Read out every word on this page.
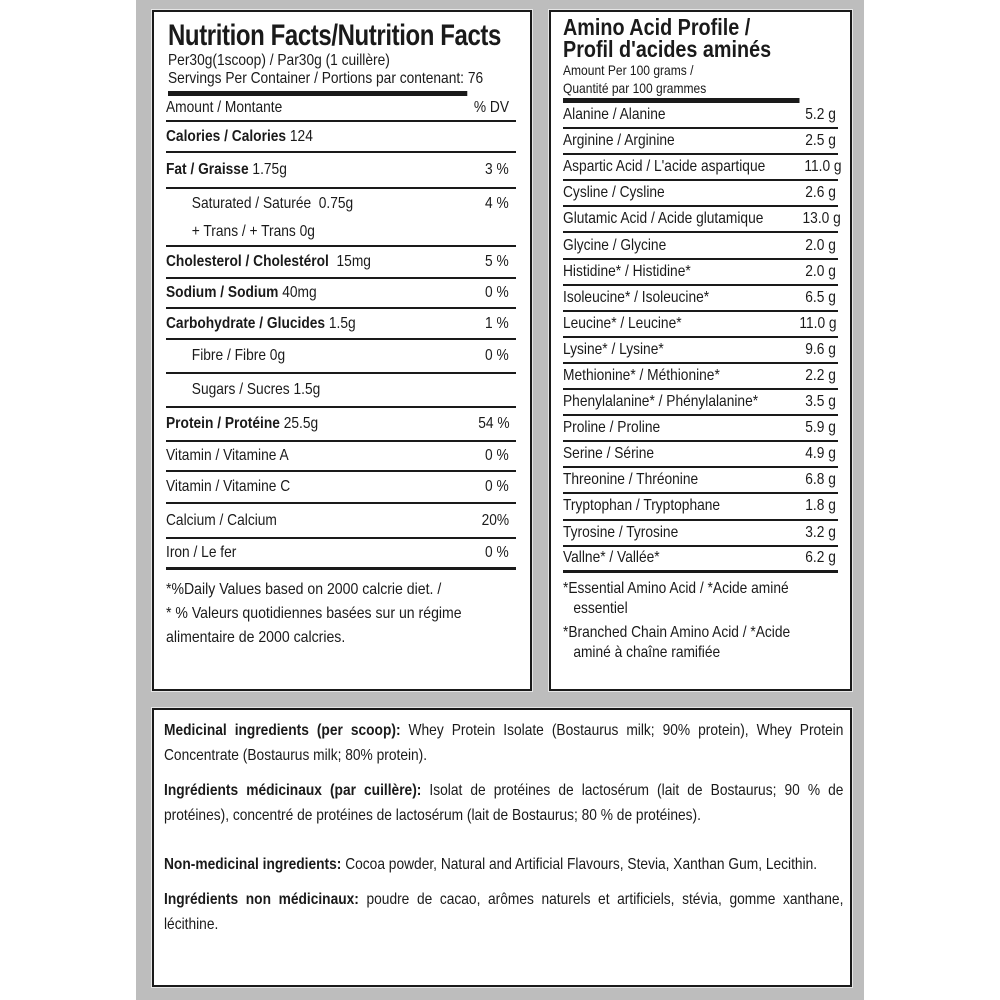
Nutrition Facts/Nutrition Facts
Per30g(1scoop) / Par30g (1 cuillère)
Servings Per Container / Portions par contenant: 76
Amount / Montante	% DV
Calories / Calories 124
Fat / Graisse 1.75g	3 %
Saturated / Saturée  0.75g	4 %
+ Trans / + Trans 0g
Cholesterol / Cholestérol  15mg	5 %
Sodium / Sodium 40mg	0 %
Carbohydrate / Glucides 1.5g	1 %
Fibre / Fibre 0g	0 %
Sugars / Sucres 1.5g
Protein / Protéine 25.5g	54 %
Vitamin / Vitamine A	0 %
Vitamin / Vitamine C	0 %
Calcium / Calcium	20%
Iron / Le fer	0 %
*%Daily Values based on 2000 calcrie diet. /
* % Valeurs quotidiennes basées sur un régime
alimentaire de 2000 calcries.
Amino Acid Profile /
Profil d'acides aminés
Amount Per 100 grams /
Quantité par 100 grammes
Alanine / Alanine	5.2 g
Arginine / Arginine	2.5 g
Aspartic Acid / L'acide aspartique 11.0 g
Cysline / Cysline	2.6 g
Glutamic Acid / Acide glutamique 13.0 g
Glycine / Glycine	2.0 g
Histidine* / Histidine*	2.0 g
Isoleucine* / Isoleucine*	6.5 g
Leucine* / Leucine*	11.0 g
Lysine* / Lysine*	9.6 g
Methionine* / Méthionine*	2.2 g
Phenylalanine* / Phénylalanine*	3.5 g
Proline / Proline	5.9 g
Serine / Sérine	4.9 g
Threonine / Thréonine	6.8 g
Tryptophan / Tryptophane	1.8 g
Tyrosine / Tyrosine	3.2 g
Vallne* / Vallée*	6.2 g
*Essential Amino Acid / *Acide aminé
essentiel
*Branched Chain Amino Acid / *Acide
aminé à chaîne ramifiée

Medicinal ingredients (per scoop): Whey Protein Isolate (Bostaurus milk; 90% protein), Whey Protein Concentrate (Bostaurus milk; 80% protein).

Ingrédients médicinaux (par cuillère): Isolat de protéines de lactosérum (lait de Bostaurus; 90 % de protéines), concentré de protéines de lactosérum (lait de Bostaurus; 80 % de protéines).

Non-medicinal ingredients: Cocoa powder, Natural and Artificial Flavours, Stevia, Xanthan Gum, Lecithin.

Ingrédients non médicinaux: poudre de cacao, arômes naturels et artificiels, stévia, gomme xanthane, lécithine.
